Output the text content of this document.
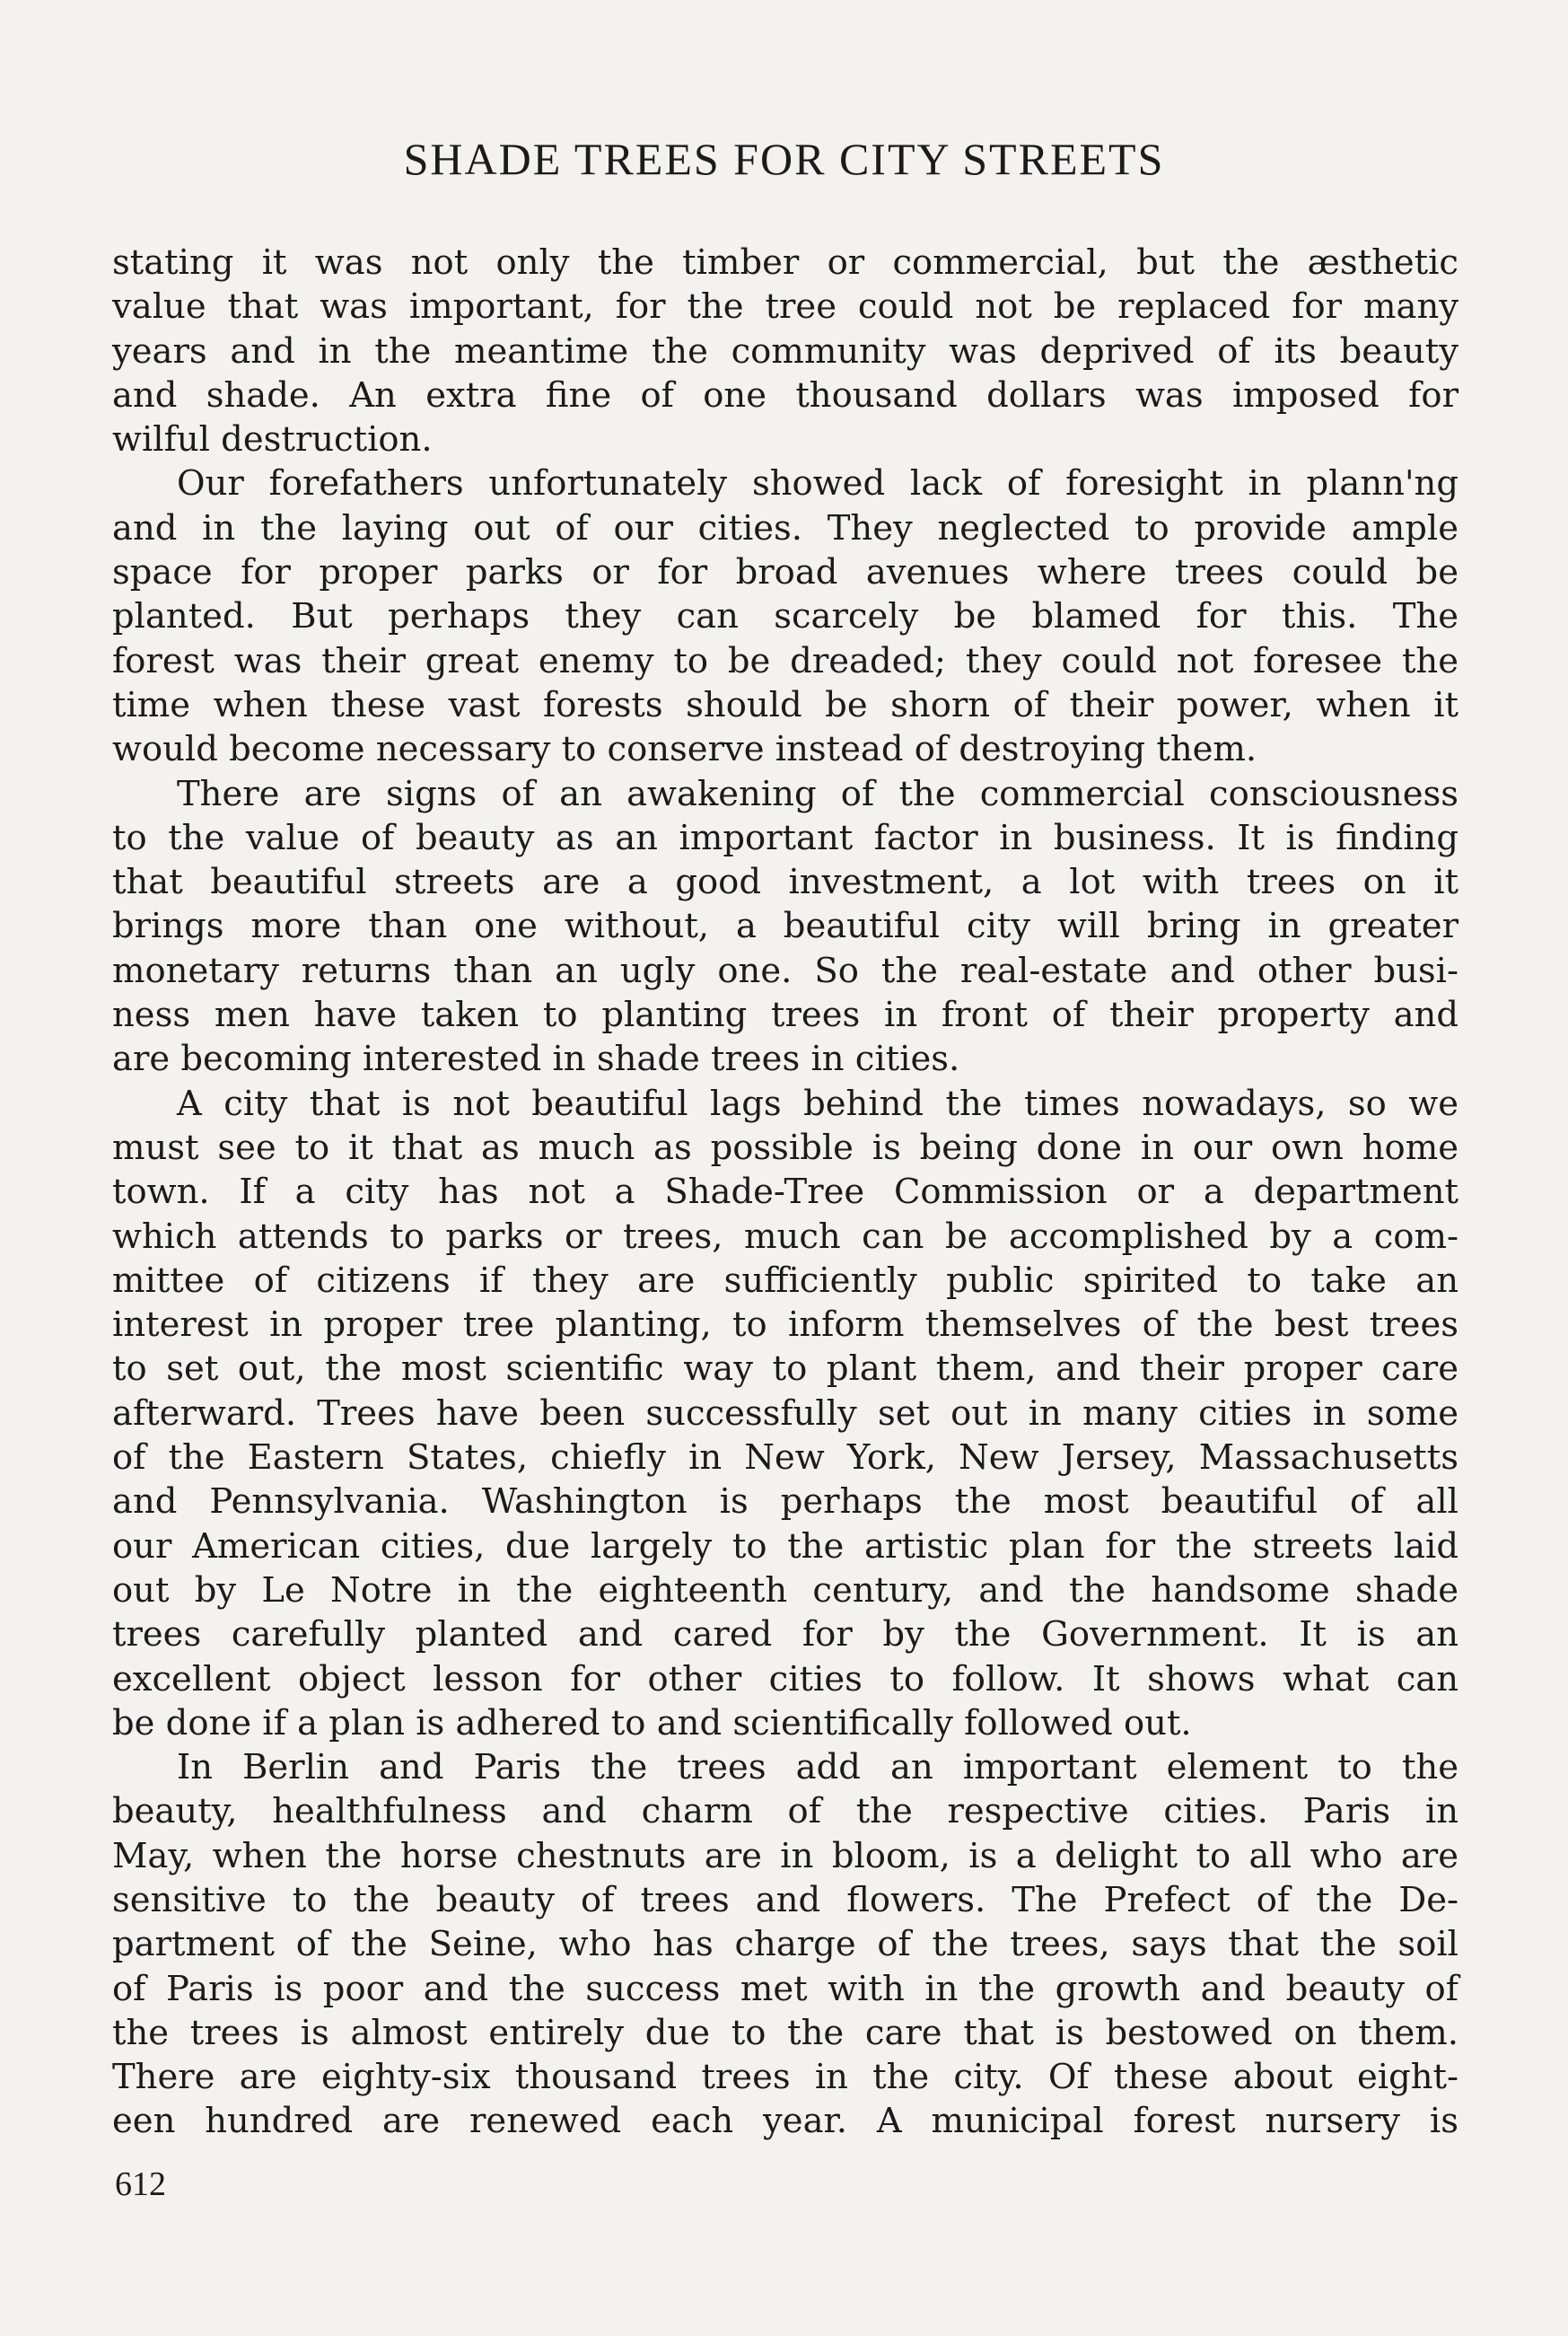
SHADE TREES FOR CITY STREETS

stating it was not only the timber or commercial, but the æsthetic
value that was important, for the tree could not be replaced for many
years and in the meantime the community was deprived of its beauty
and shade. An extra fine of one thousand dollars was imposed for
wilful destruction.

Our forefathers unfortunately showed lack of foresight in plann'ng
and in the laying out of our cities. They neglected to provide ample
space for proper parks or for broad avenues where trees could be
planted. But perhaps they can scarcely be blamed for this. The
forest was their great enemy to be dreaded; they could not foresee the
time when these vast forests should be shorn of their power, when it
would become necessary to conserve instead of destroying them.

There are signs of an awakening of the commercial consciousness
to the value of beauty as an important factor in business. It is finding
that beautiful streets are a good investment, a lot with trees on it
brings more than one without, a beautiful city will bring in greater
monetary returns than an ugly one. So the real-estate and other busi-
ness men have taken to planting trees in front of their property and
are becoming interested in shade trees in cities.

A city that is not beautiful lags behind the times nowadays, so we
must see to it that as much as possible is being done in our own home
town. If a city has not a Shade-Tree Commission or a department
which attends to parks or trees, much can be accomplished by a com-
mittee of citizens if they are sufficiently public spirited to take an
interest in proper tree planting, to inform themselves of the best trees
to set out, the most scientific way to plant them, and their proper care
afterward. Trees have been successfully set out in many cities in some
of the Eastern States, chiefly in New York, New Jersey, Massachusetts
and Pennsylvania. Washington is perhaps the most beautiful of all
our American cities, due largely to the artistic plan for the streets laid
out by Le Notre in the eighteenth century, and the handsome shade
trees carefully planted and cared for by the Government. It is an
excellent object lesson for other cities to follow. It shows what can
be done if a plan is adhered to and scientifically followed out.

In Berlin and Paris the trees add an important element to the
beauty, healthfulness and charm of the respective cities. Paris in
May, when the horse chestnuts are in bloom, is a delight to all who are
sensitive to the beauty of trees and flowers. The Prefect of the De-
partment of the Seine, who has charge of the trees, says that the soil
of Paris is poor and the success met with in the growth and beauty of
the trees is almost entirely due to the care that is bestowed on them.
There are eighty-six thousand trees in the city. Of these about eight-
een hundred are renewed each year. A municipal forest nursery is

612
